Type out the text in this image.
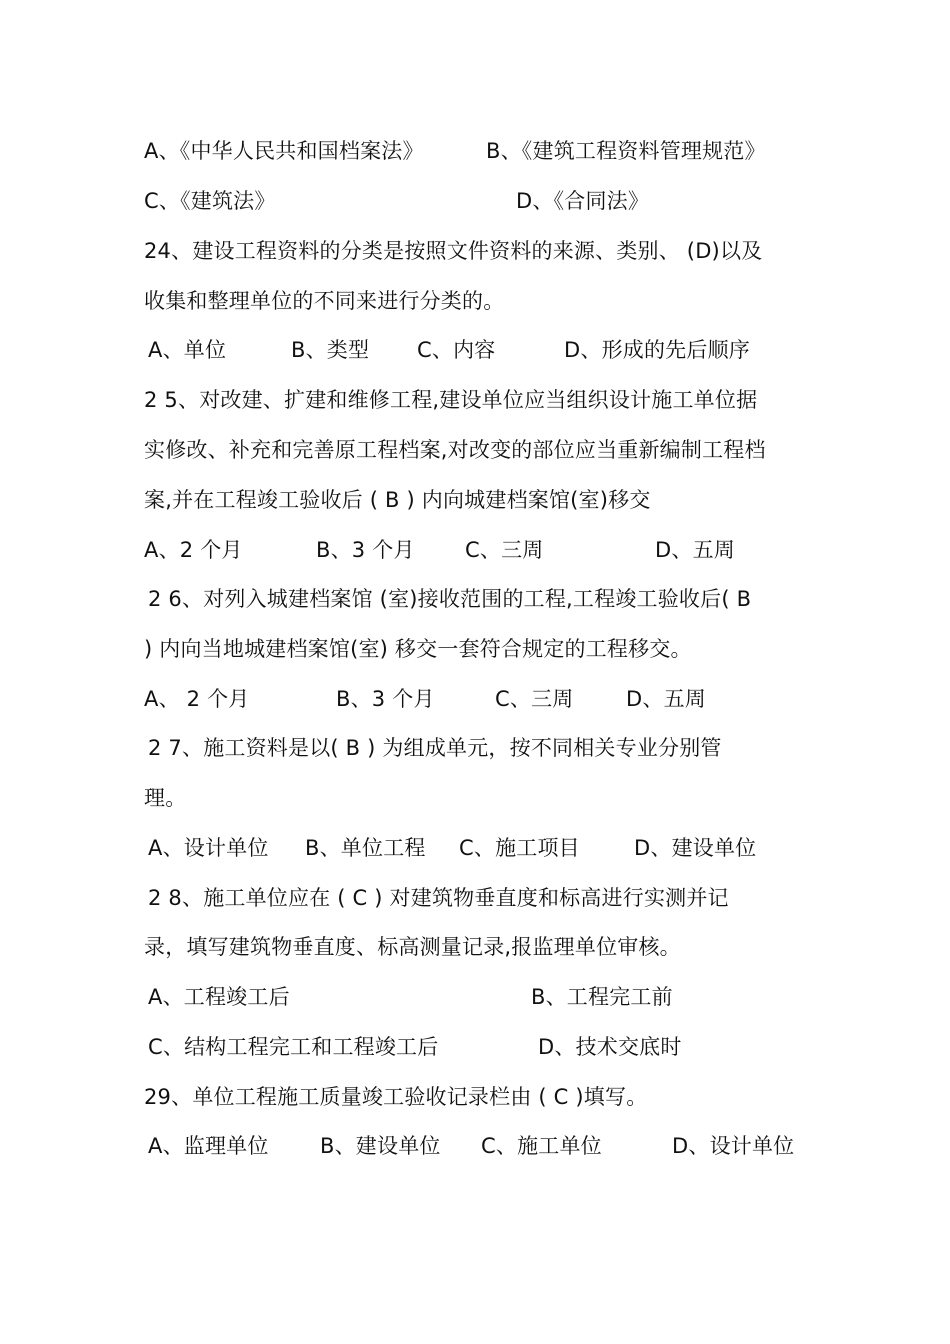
A、《中华人民共和国档案法》	B、《建筑工程资料管理规范》
C、《建筑法》	D、《合同法》
24、建设工程资料的分类是按照文件资料的来源、类别、 (D)以及
收集和整理单位的不同来进行分类的。
A、单位	B、类型 C、内容	D、形成的先后顺序
2 5、对改建、扩建和维修工程,建设单位应当组织设计施工单位据
实修改、补充和完善原工程档案,对改变的部位应当重新编制工程档
案,并在工程竣工验收后 ( B ) 内向城建档案馆(室)移交
A、2 个月	B、3 个月 C、三周	D、五周
2 6、对列入城建档案馆 (室)接收范围的工程,工程竣工验收后( B
) 内向当地城建档案馆(室) 移交一套符合规定的工程移交。
A、 2 个月	B、3 个月	C、三周	D、五周
2 7、施工资料是以( B ) 为组成单元，按不同相关专业分别管
理。
A、设计单位 B、单位工程 C、施工项目	D、建设单位
2 8、施工单位应在 ( C ) 对建筑物垂直度和标高进行实测并记
录，填写建筑物垂直度、标高测量记录,报监理单位审核。
A、工程竣工后	B、工程完工前
C、结构工程完工和工程竣工后	D、技术交底时
29、单位工程施工质量竣工验收记录栏由 ( C )填写。
A、监理单位 B、建设单位 C、施工单位	D、设计单位
